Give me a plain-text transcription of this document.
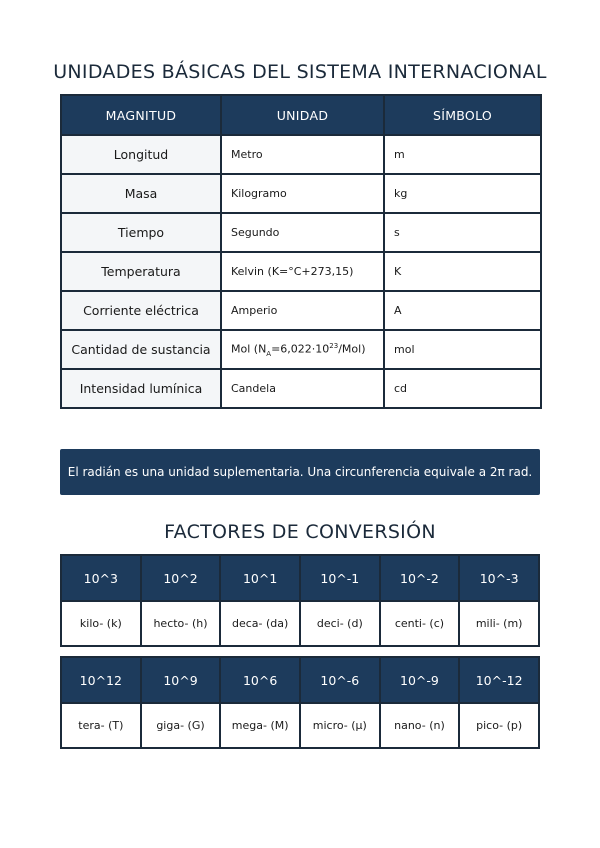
UNIDADES BÁSICAS DEL SISTEMA INTERNACIONAL
MAGNITUD	UNIDAD	SÍMBOLO
Longitud	Metro	m
Masa	Kilogramo	kg
Tiempo	Segundo	s
Temperatura	Kelvin (K=°C+273,15)	K
Corriente eléctrica	Amperio	A
Cantidad de sustancia	Mol $(N_A=6,022\cdot 10^{23}/Mol)$	mol
Intensidad lumínica	Candela	cd
El radián es una unidad suplementaria. Una circunferencia equivale a 2π rad.
FACTORES DE CONVERSIÓN
10^3	10^2	10^1	10^-1	10^-2	10^-3
kilo- (k)	hecto- (h)	deca- (da)	deci- (d)	centi- (c)	mili- (m)
10^12	10^9	10^6	10^-6	10^-9	10^-12
tera- (T)	giga- (G)	mega- (M)	micro- (μ)	nano- (n)	pico- (p)
